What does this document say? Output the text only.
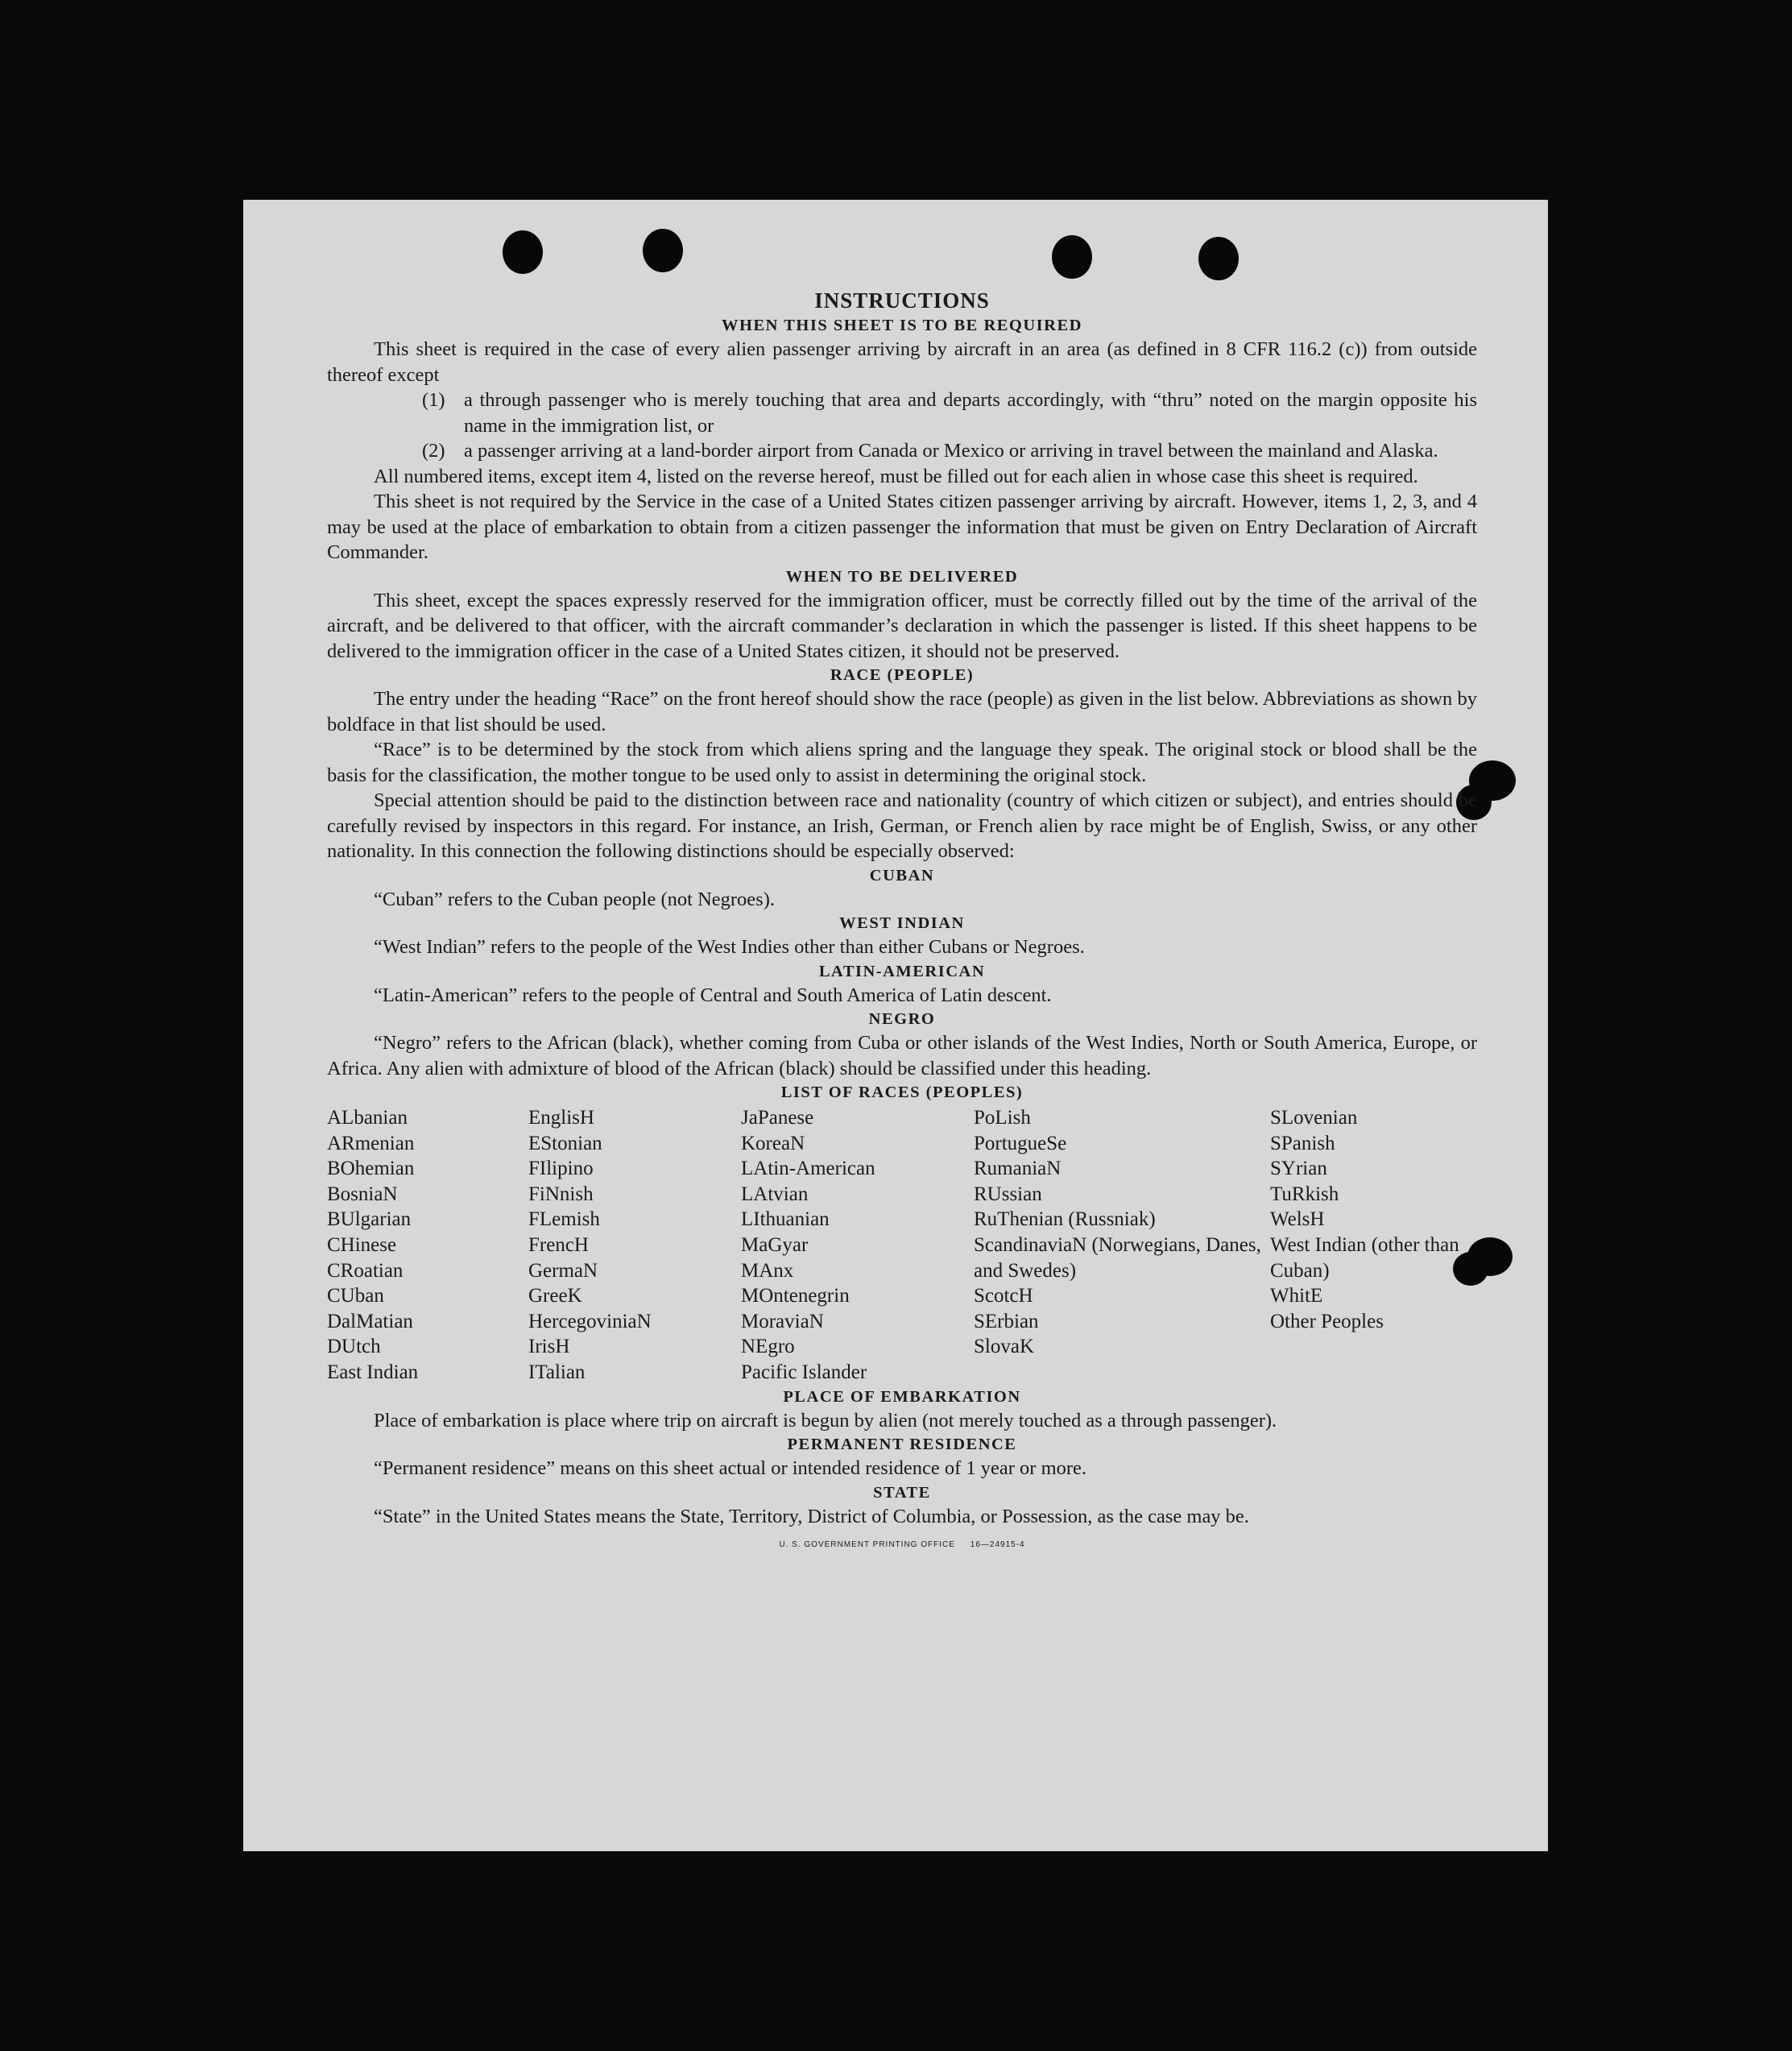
INSTRUCTIONS
WHEN THIS SHEET IS TO BE REQUIRED

This sheet is required in the case of every alien passenger arriving by aircraft in an area (as defined in 8 CFR 116.2 (c)) from outside thereof except

(1) a through passenger who is merely touching that area and departs accordingly, with “thru” noted on the margin opposite his name in the immigration list, or
(2) a passenger arriving at a land-border airport from Canada or Mexico or arriving in travel between the mainland and Alaska.

All numbered items, except item 4, listed on the reverse hereof, must be filled out for each alien in whose case this sheet is required.

This sheet is not required by the Service in the case of a United States citizen passenger arriving by aircraft. However, items 1, 2, 3, and 4 may be used at the place of embarkation to obtain from a citizen passenger the information that must be given on Entry Declaration of Aircraft Commander.

WHEN TO BE DELIVERED

This sheet, except the spaces expressly reserved for the immigration officer, must be correctly filled out by the time of the arrival of the aircraft, and be delivered to that officer, with the aircraft commander’s declaration in which the passenger is listed. If this sheet happens to be delivered to the immigration officer in the case of a United States citizen, it should not be preserved.

RACE (PEOPLE)

The entry under the heading “Race” on the front hereof should show the race (people) as given in the list below. Abbreviations as shown by boldface in that list should be used.

“Race” is to be determined by the stock from which aliens spring and the language they speak. The original stock or blood shall be the basis for the classification, the mother tongue to be used only to assist in determining the original stock.

Special attention should be paid to the distinction between race and nationality (country of which citizen or subject), and entries should be carefully revised by inspectors in this regard. For instance, an Irish, German, or French alien by race might be of English, Swiss, or any other nationality. In this connection the following distinctions should be especially observed:

CUBAN

“Cuban” refers to the Cuban people (not Negroes).

WEST INDIAN

“West Indian” refers to the people of the West Indies other than either Cubans or Negroes.

LATIN-AMERICAN

“Latin-American” refers to the people of Central and South America of Latin descent.

NEGRO

“Negro” refers to the African (black), whether coming from Cuba or other islands of the West Indies, North or South America, Europe, or Africa. Any alien with admixture of blood of the African (black) should be classified under this heading.

LIST OF RACES (PEOPLES)
ALbanian
ARmenian
BOhemian
BosniaN
BUlgarian
CHinese
CRoatian
CUban
DalMatian
DUtch
East Indian
EnglisH
EStonian
FIlipino
FiNnish
FLemish
FrencH
GermaN
GreeK
HercegoviniaN
IrisH
ITalian
JaPanese
KoreaN
LAtin-American
LAtvian
LIthuanian
MaGyar
MAnx
MOntenegrin
MoraviaN
NEgro
Pacific Islander
PoLish
PortugueSe
RumaniaN
RUssian
RuThenian (Russniak)
ScandinaviaN (Norwegians, Danes, and Swedes)
ScotcH
SErbian
SlovaK
SLovenian
SPanish
SYrian
TuRkish
WelsH
West Indian (other than Cuban)
WhitE
Other Peoples
PLACE OF EMBARKATION

Place of embarkation is place where trip on aircraft is begun by alien (not merely touched as a through passenger).

PERMANENT RESIDENCE

“Permanent residence” means on this sheet actual or intended residence of 1 year or more.

STATE

“State” in the United States means the State, Territory, District of Columbia, or Possession, as the case may be.

U. S. GOVERNMENT PRINTING OFFICE     16—24915-4
